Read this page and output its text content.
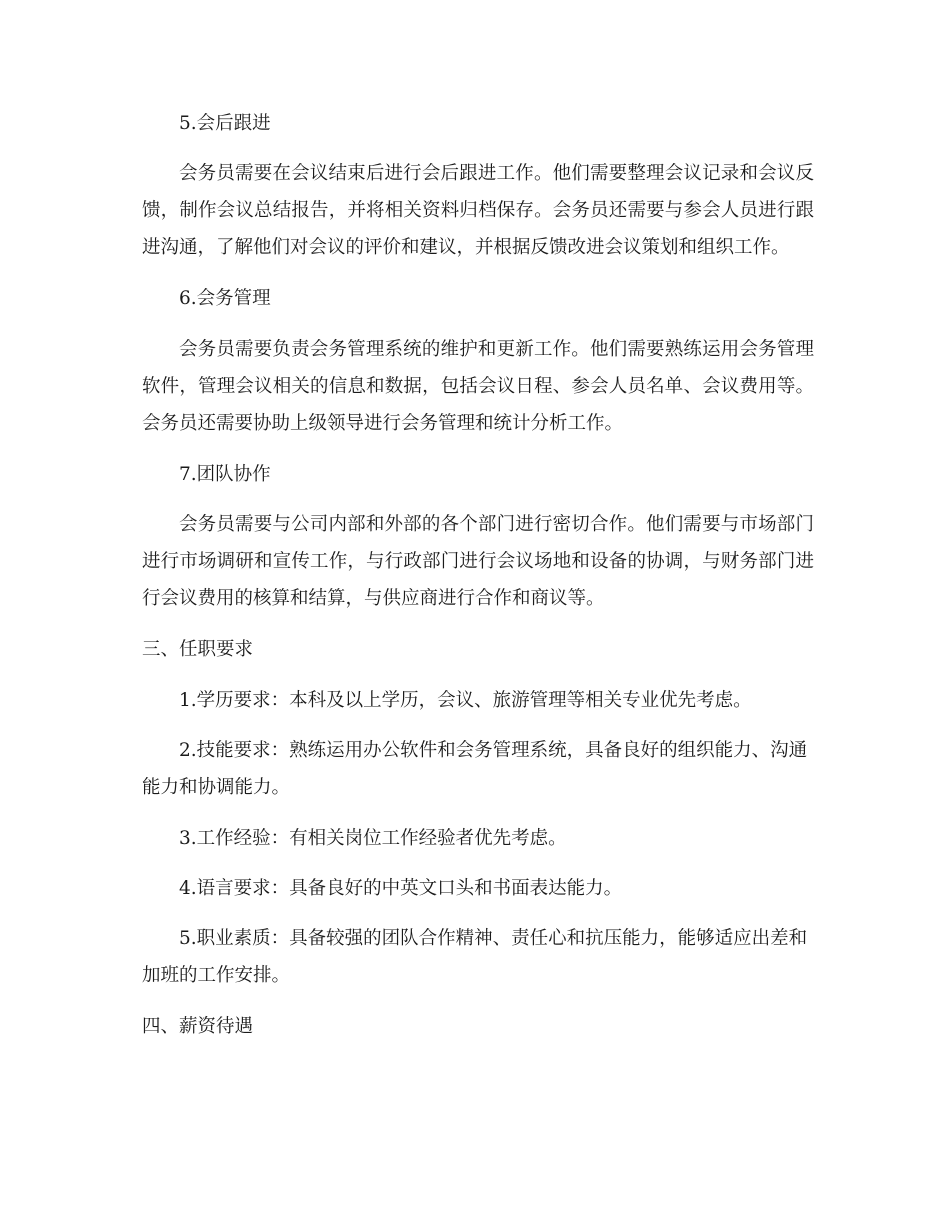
5.会后跟进

会务员需要在会议结束后进行会后跟进工作。他们需要整理会议记录和会议反馈，制作会议总结报告，并将相关资料归档保存。会务员还需要与参会人员进行跟进沟通，了解他们对会议的评价和建议，并根据反馈改进会议策划和组织工作。

6.会务管理

会务员需要负责会务管理系统的维护和更新工作。他们需要熟练运用会务管理软件，管理会议相关的信息和数据，包括会议日程、参会人员名单、会议费用等。会务员还需要协助上级领导进行会务管理和统计分析工作。

7.团队协作

会务员需要与公司内部和外部的各个部门进行密切合作。他们需要与市场部门进行市场调研和宣传工作，与行政部门进行会议场地和设备的协调，与财务部门进行会议费用的核算和结算，与供应商进行合作和商议等。

三、任职要求

1.学历要求：本科及以上学历，会议、旅游管理等相关专业优先考虑。

2.技能要求：熟练运用办公软件和会务管理系统，具备良好的组织能力、沟通能力和协调能力。

3.工作经验：有相关岗位工作经验者优先考虑。

4.语言要求：具备良好的中英文口头和书面表达能力。

5.职业素质：具备较强的团队合作精神、责任心和抗压能力，能够适应出差和加班的工作安排。

四、薪资待遇
